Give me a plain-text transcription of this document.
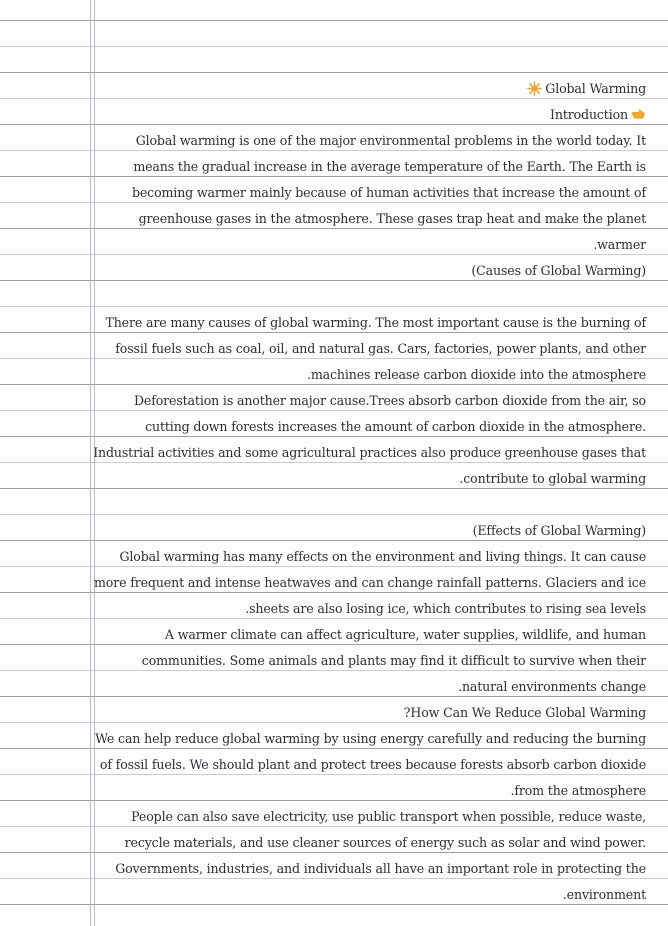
Global Warming
Introduction
Global warming is one of the major environmental problems in the world today. It
means the gradual increase in the average temperature of the Earth. The Earth is
becoming warmer mainly because of human activities that increase the amount of
greenhouse gases in the atmosphere. These gases trap heat and make the planet
.warmer
(Causes of Global Warming)
There are many causes of global warming. The most important cause is the burning of
fossil fuels such as coal, oil, and natural gas. Cars, factories, power plants, and other
.machines release carbon dioxide into the atmosphere
Deforestation is another major cause.Trees absorb carbon dioxide from the air, so
cutting down forests increases the amount of carbon dioxide in the atmosphere.
Industrial activities and some agricultural practices also produce greenhouse gases that
.contribute to global warming
(Effects of Global Warming)
Global warming has many effects on the environment and living things. It can cause
more frequent and intense heatwaves and can change rainfall patterns. Glaciers and ice
.sheets are also losing ice, which contributes to rising sea levels
A warmer climate can affect agriculture, water supplies, wildlife, and human
communities. Some animals and plants may find it difficult to survive when their
.natural environments change
?How Can We Reduce Global Warming
We can help reduce global warming by using energy carefully and reducing the burning
of fossil fuels. We should plant and protect trees because forests absorb carbon dioxide
.from the atmosphere
People can also save electricity, use public transport when possible, reduce waste,
recycle materials, and use cleaner sources of energy such as solar and wind power.
Governments, industries, and individuals all have an important role in protecting the
.environment
